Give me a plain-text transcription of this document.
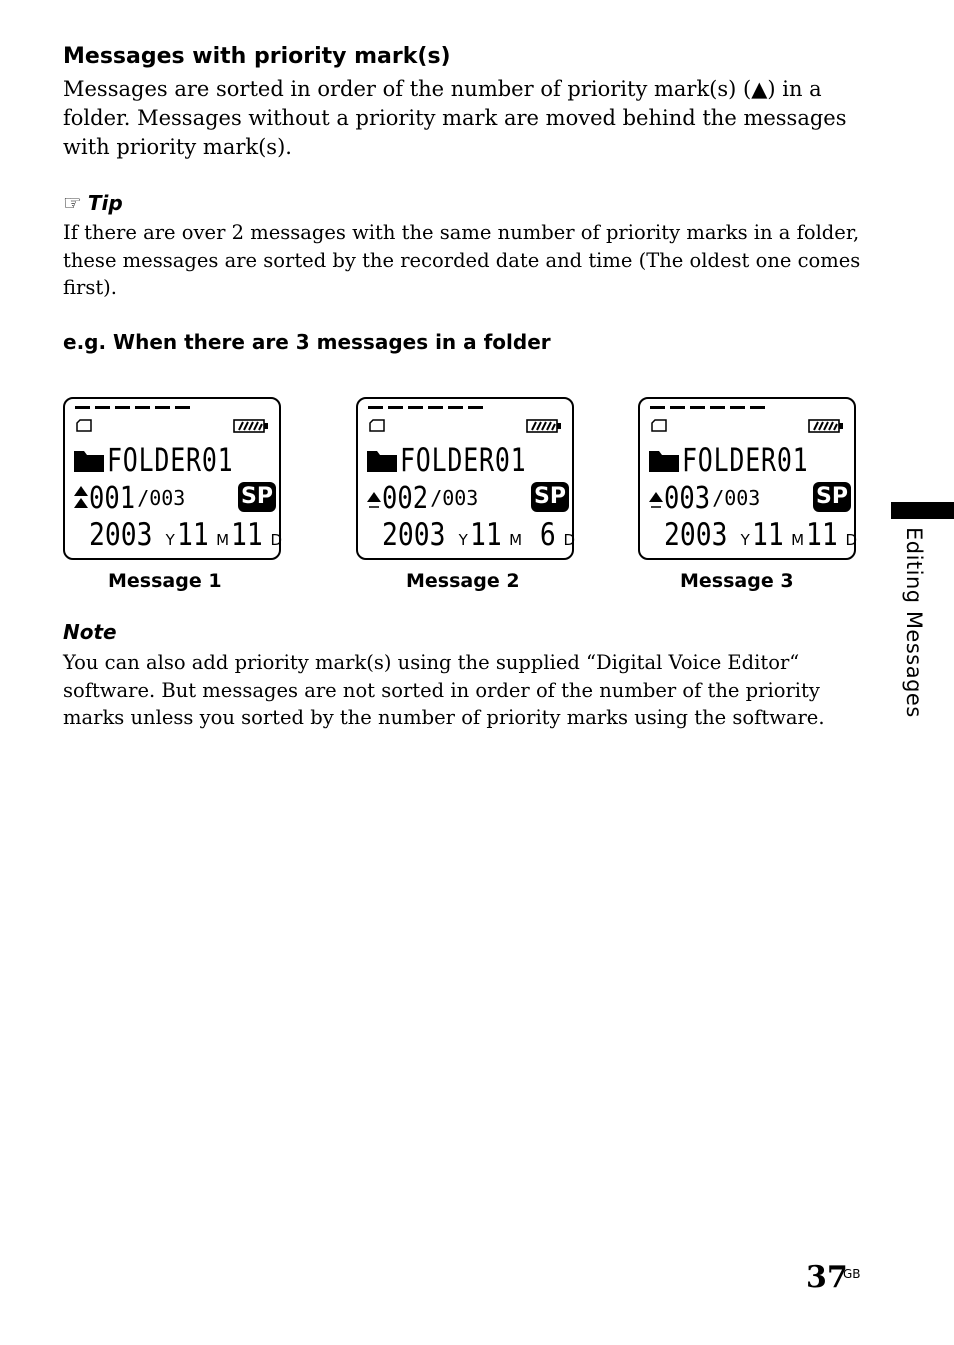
Messages with priority mark(s)
Messages are sorted in order of the number of priority mark(s) (▲) in a folder. Messages without a priority mark are moved behind the messages with priority mark(s).
☞ Tip
If there are over 2 messages with the same number of priority marks in a folder, these messages are sorted by the recorded date and time (The oldest one comes first).
e.g. When there are 3 messages in a folder
FOLDER01
001 /003	SP
2003 Y 11 M 11 D
FOLDER01
002 /003	SP
2003 Y 11 M 6 D
FOLDER01
003 /003	SP
2003 Y 11 M 11 D
Message 1	Message 2	Message 3
Note
You can also add priority mark(s) using the supplied “Digital Voice Editor“ software. But messages are not sorted in order of the number of the priority marks unless you sorted by the number of priority marks using the software.	Editing Messages
37
GB
